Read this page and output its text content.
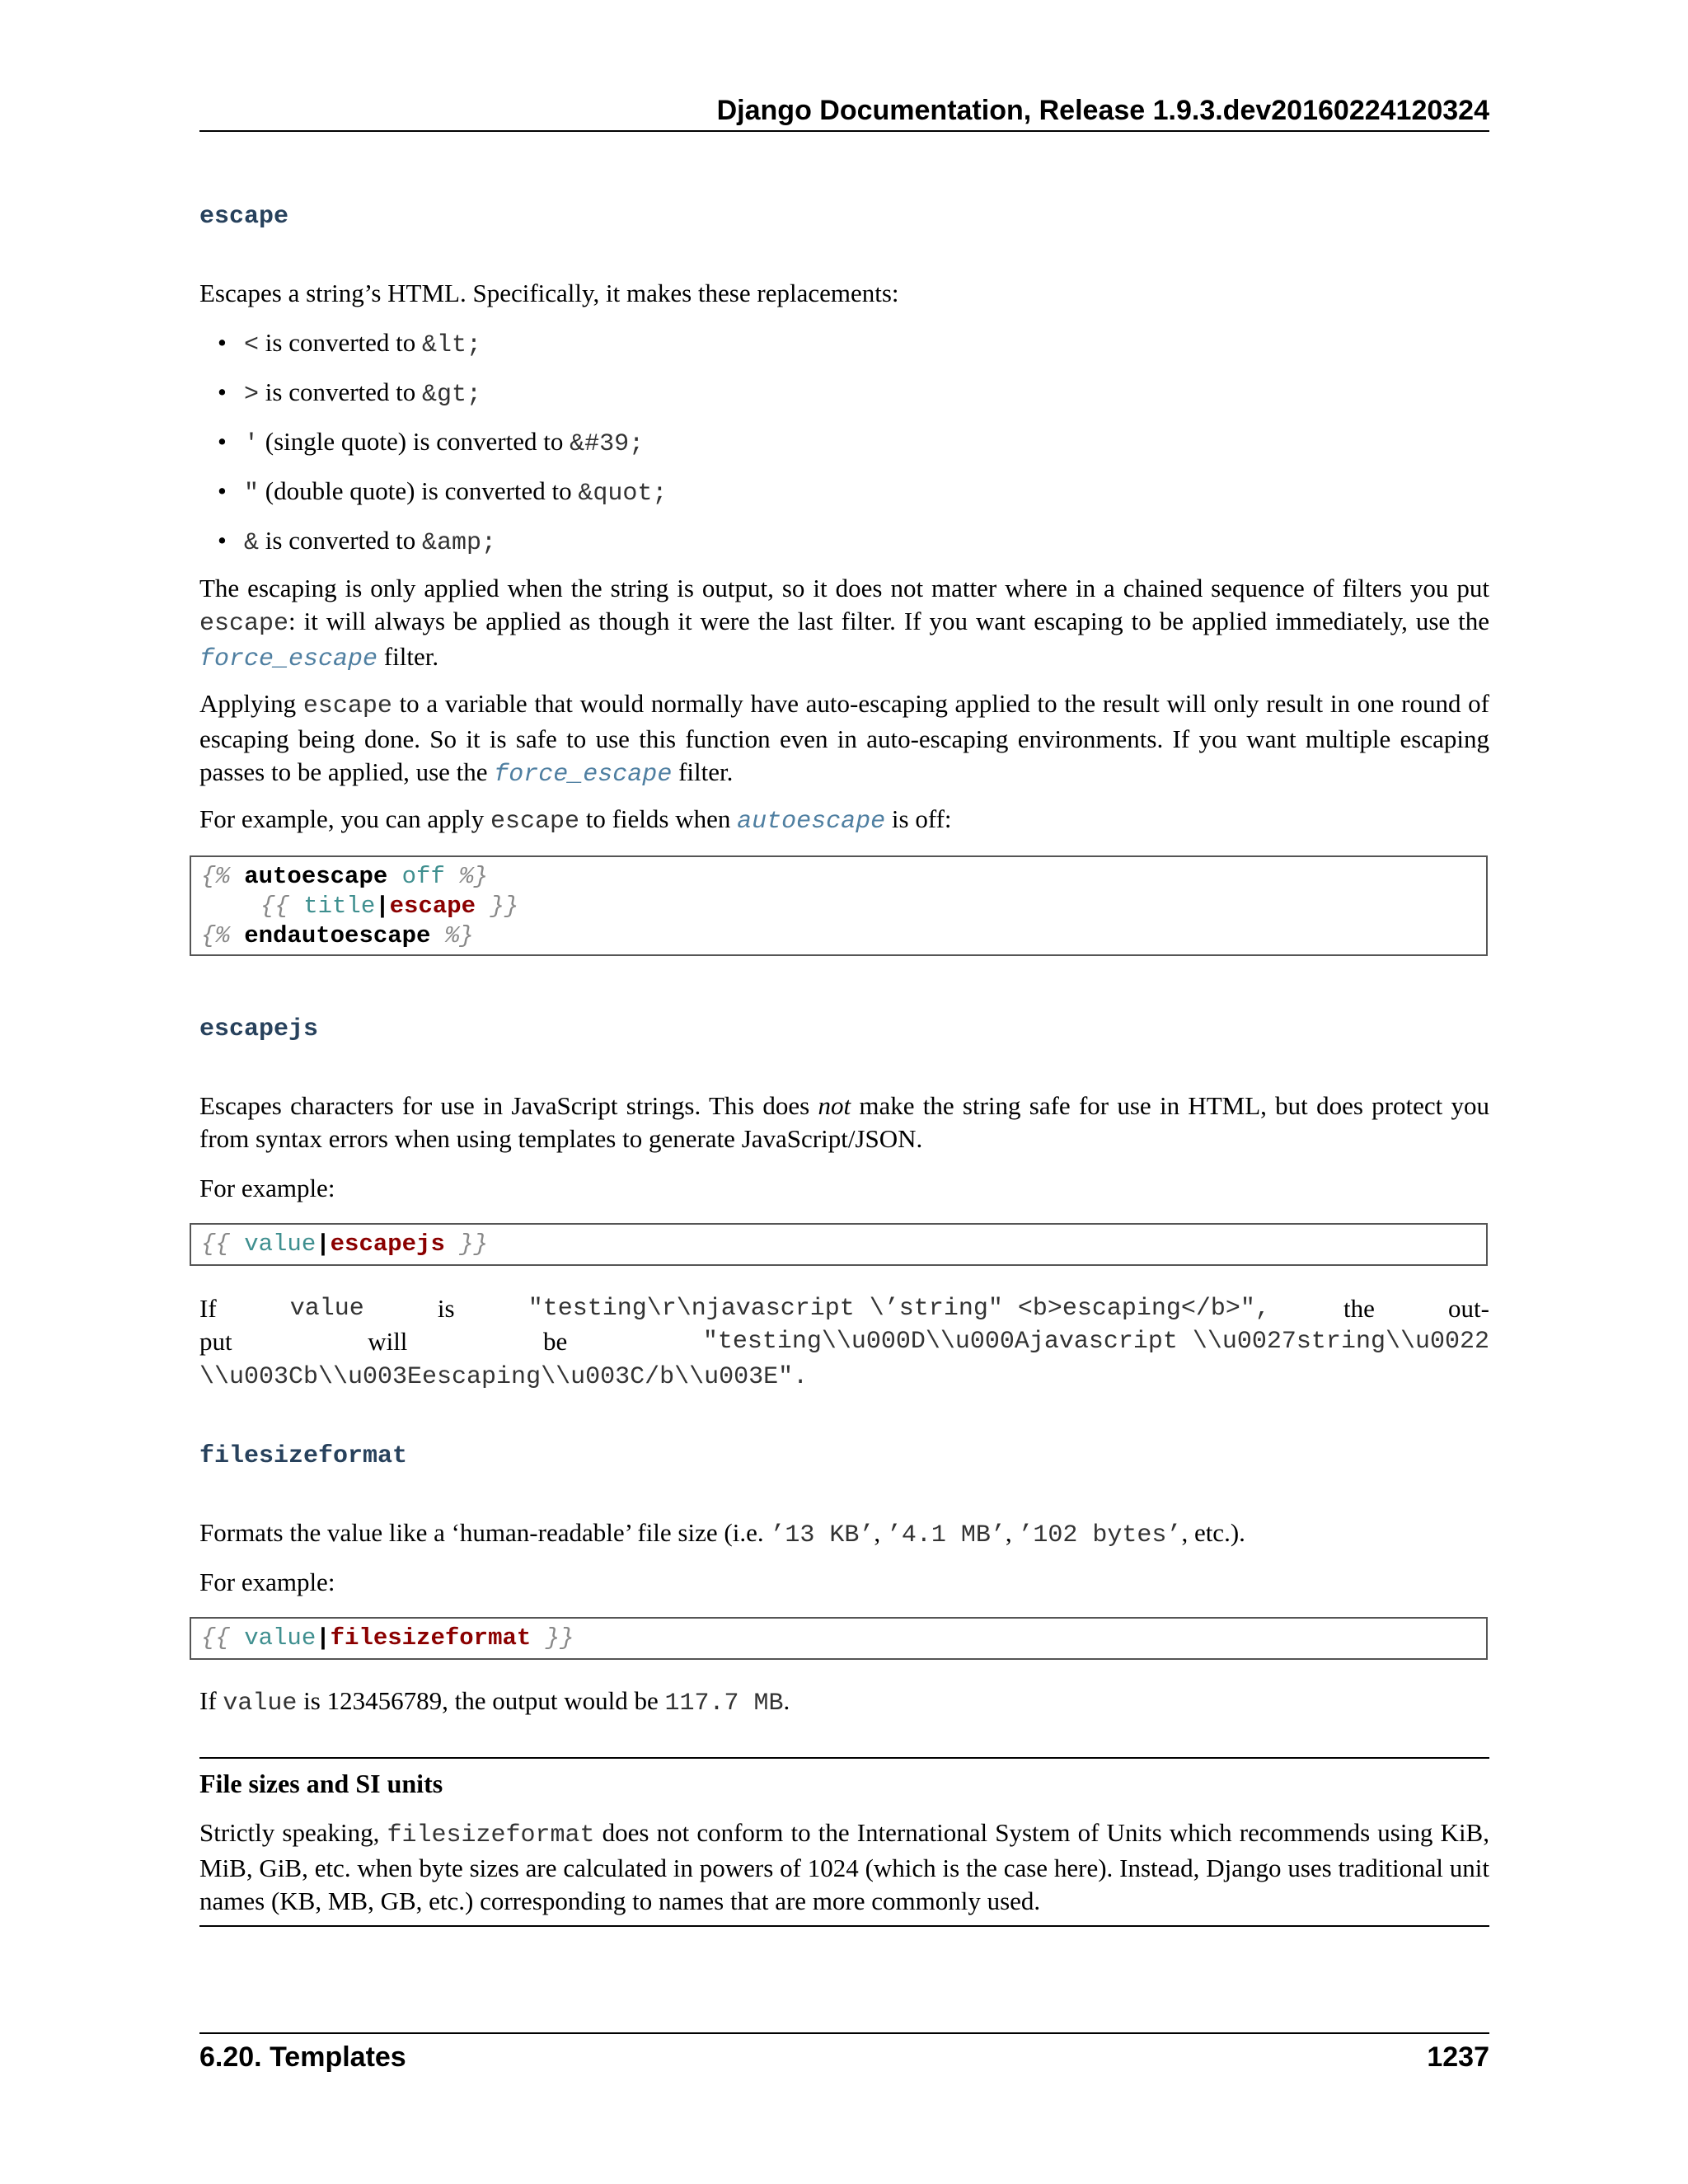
Django Documentation, Release 1.9.3.dev20160224120324
escape

Escapes a string’s HTML. Specifically, it makes these replacements:

• < is converted to &lt;
• > is converted to &gt;
• ' (single quote) is converted to &#39;
• " (double quote) is converted to &quot;
• & is converted to &amp;

The escaping is only applied when the string is output, so it does not matter where in a chained sequence of filters you put escape: it will always be applied as though it were the last filter. If you want escaping to be applied immediately, use the force_escape filter.

Applying escape to a variable that would normally have auto-escaping applied to the result will only result in one round of escaping being done. So it is safe to use this function even in auto-escaping environments. If you want multiple escaping passes to be applied, use the force_escape filter.

For example, you can apply escape to fields when autoescape is off:

{% autoescape off %}
{{ title|escape }}
{% endautoescape %}
escapejs

Escapes characters for use in JavaScript strings. This does not make the string safe for use in HTML, but does protect you from syntax errors when using templates to generate JavaScript/JSON.

For example:

{{ value|escapejs }}
If	value	is	"testing\r\njavascript \’string" <b>escaping</b>",	the	out-
put	will	be	"testing\\u000D\\u000Ajavascript \\u0027string\\u0022
\\u003Cb\\u003Eescaping\\u003C/b\\u003E".
filesizeformat

Formats the value like a ‘human-readable’ file size (i.e. ’13 KB’, ’4.1 MB’, ’102 bytes’, etc.).

For example:

{{ value|filesizeformat }}

If value is 123456789, the output would be 117.7 MB.

File sizes and SI units

Strictly speaking, filesizeformat does not conform to the International System of Units which recommends using KiB, MiB, GiB, etc. when byte sizes are calculated in powers of 1024 (which is the case here). Instead, Django uses traditional unit names (KB, MB, GB, etc.) corresponding to names that are more commonly used.

6.20. Templates	1237
